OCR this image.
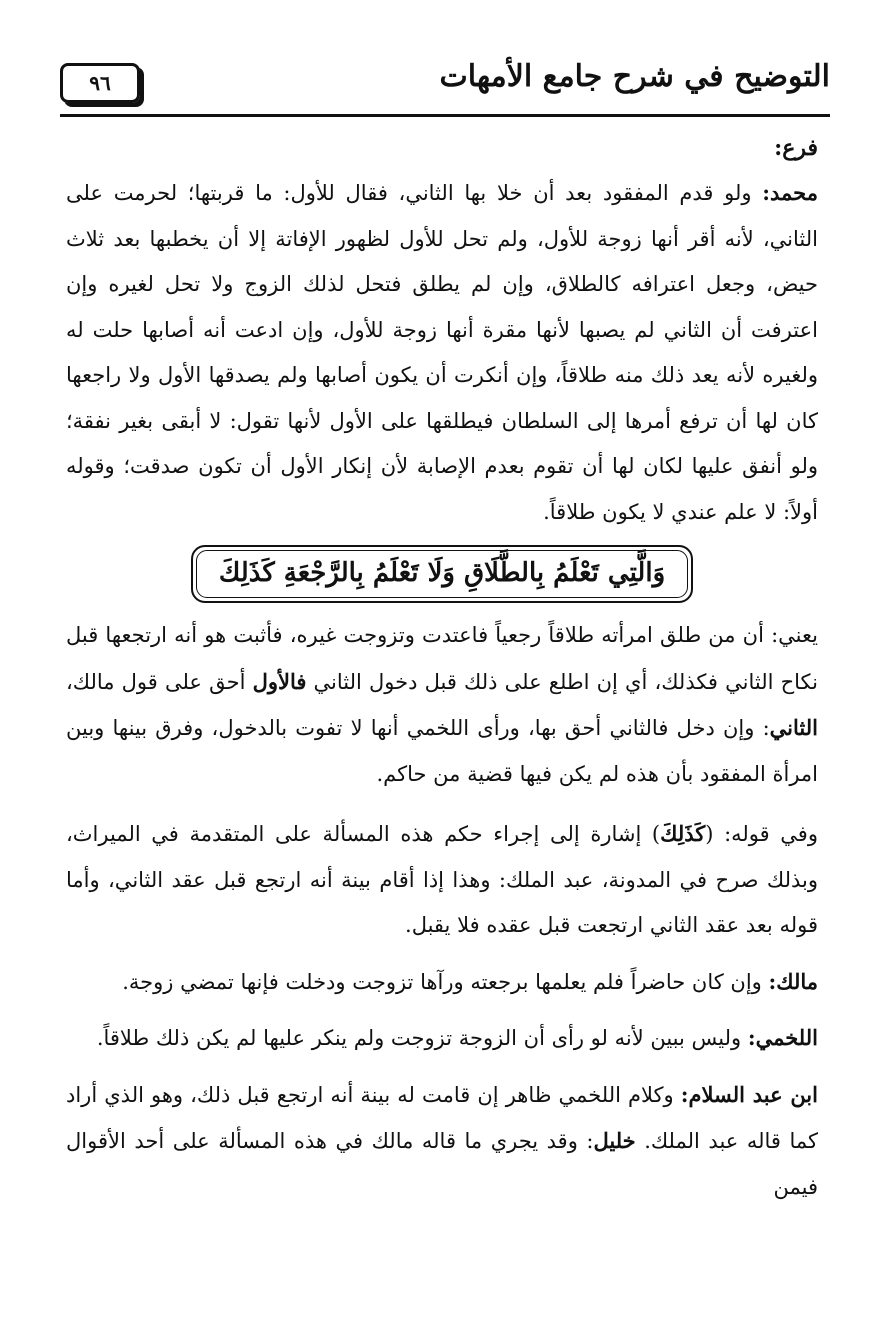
التوضيح في شرح جامع الأمهات
٩٦

فرع:

محمد: ولو قدم المفقود بعد أن خلا بها الثاني، فقال للأول: ما قربتها؛ لحرمت على الثاني، لأنه أقر أنها زوجة للأول، ولم تحل للأول لظهور الإفاتة إلا أن يخطبها بعد ثلاث حيض، وجعل اعترافه كالطلاق، وإن لم يطلق فتحل لذلك الزوج ولا تحل لغيره وإن اعترفت أن الثاني لم يصبها لأنها مقرة أنها زوجة للأول، وإن ادعت أنه أصابها حلت له ولغيره لأنه يعد ذلك منه طلاقاً، وإن أنكرت أن يكون أصابها ولم يصدقها الأول ولا راجعها كان لها أن ترفع أمرها إلى السلطان فيطلقها على الأول لأنها تقول: لا أبقى بغير نفقة؛ ولو أنفق عليها لكان لها أن تقوم بعدم الإصابة لأن إنكار الأول أن تكون صدقت؛ وقوله أولاً: لا علم عندي لا يكون طلاقاً.

وَالَّتِي تَعْلَمُ بِالطَّلَاقِ وَلَا تَعْلَمُ بِالرَّجْعَةِ كَذَلِكَ

يعني: أن من طلق امرأته طلاقاً رجعياً فاعتدت وتزوجت غيره، فأثبت هو أنه ارتجعها قبل نكاح الثاني فكذلك، أي إن اطلع على ذلك قبل دخول الثاني فالأول أحق على قول مالك، الثاني: وإن دخل فالثاني أحق بها، ورأى اللخمي أنها لا تفوت بالدخول، وفرق بينها وبين امرأة المفقود بأن هذه لم يكن فيها قضية من حاكم.

وفي قوله: (كَذَلِكَ) إشارة إلى إجراء حكم هذه المسألة على المتقدمة في الميراث، وبذلك صرح في المدونة، عبد الملك: وهذا إذا أقام بينة أنه ارتجع قبل عقد الثاني، وأما قوله بعد عقد الثاني ارتجعت قبل عقده فلا يقبل.

مالك: وإن كان حاضراً فلم يعلمها برجعته ورآها تزوجت ودخلت فإنها تمضي زوجة.

اللخمي: وليس ببين لأنه لو رأى أن الزوجة تزوجت ولم ينكر عليها لم يكن ذلك طلاقاً.

ابن عبد السلام: وكلام اللخمي ظاهر إن قامت له بينة أنه ارتجع قبل ذلك، وهو الذي أراد كما قاله عبد الملك. خليل: وقد يجري ما قاله مالك في هذه المسألة على أحد الأقوال فيمن
